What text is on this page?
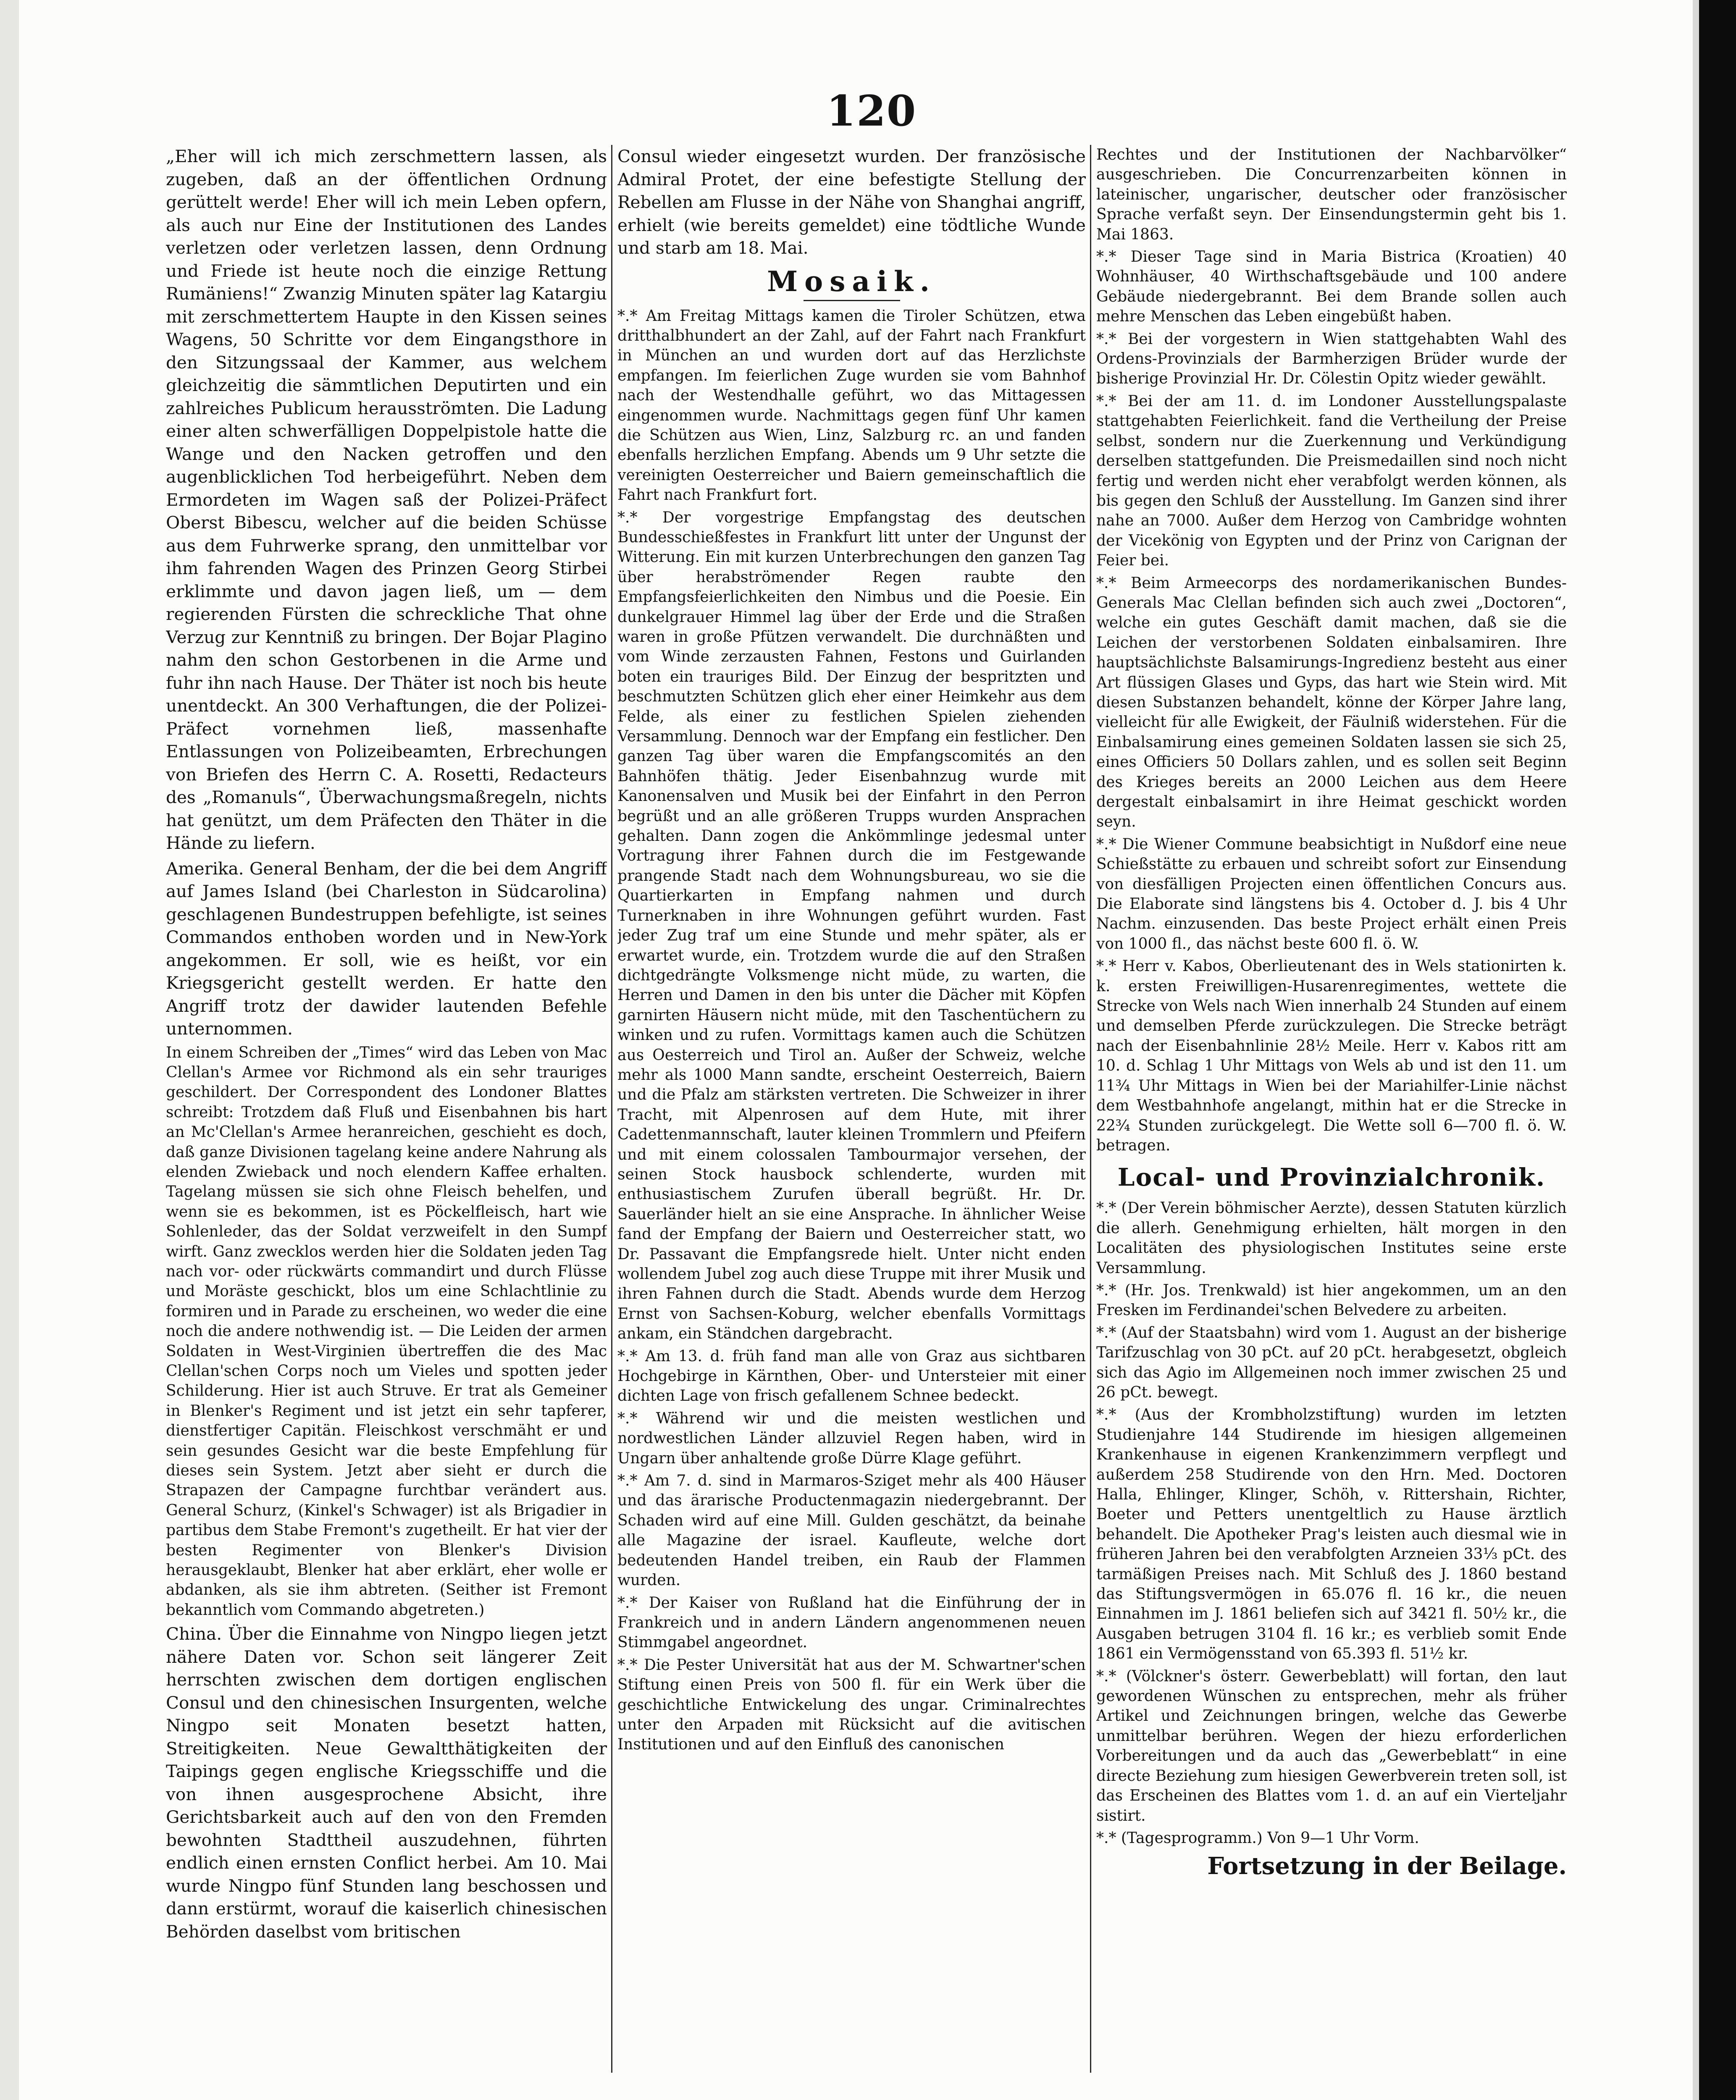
120

„Eher will ich mich zerschmettern lassen, als zugeben, daß an der öffentlichen Ordnung gerüttelt werde! Eher will ich mein Leben opfern, als auch nur Eine der Institutionen des Landes verletzen oder verletzen lassen, denn Ordnung und Friede ist heute noch die einzige Rettung Rumäniens!“ Zwanzig Minuten später lag Katargiu mit zerschmettertem Haupte in den Kissen seines Wagens, 50 Schritte vor dem Eingangsthore in den Sitzungssaal der Kammer, aus welchem gleichzeitig die sämmtlichen Deputirten und ein zahlreiches Publicum herausströmten. Die Ladung einer alten schwerfälligen Doppelpistole hatte die Wange und den Nacken getroffen und den augenblicklichen Tod herbeigeführt. Neben dem Ermordeten im Wagen saß der Polizei-Präfect Oberst Bibescu, welcher auf die beiden Schüsse aus dem Fuhrwerke sprang, den unmittelbar vor ihm fahrenden Wagen des Prinzen Georg Stirbei erklimmte und davon jagen ließ, um — dem regierenden Fürsten die schreckliche That ohne Verzug zur Kenntniß zu bringen. Der Bojar Plagino nahm den schon Gestorbenen in die Arme und fuhr ihn nach Hause. Der Thäter ist noch bis heute unentdeckt. An 300 Verhaftungen, die der Polizei-Präfect vornehmen ließ, massenhafte Entlassungen von Polizeibeamten, Erbrechungen von Briefen des Herrn C. A. Rosetti, Redacteurs des „Romanuls“, Überwachungsmaßregeln, nichts hat genützt, um dem Präfecten den Thäter in die Hände zu liefern.

Amerika. General Benham, der die bei dem Angriff auf James Island (bei Charleston in Südcarolina) geschlagenen Bundestruppen befehligte, ist seines Commandos enthoben worden und in New-York angekommen. Er soll, wie es heißt, vor ein Kriegsgericht gestellt werden. Er hatte den Angriff trotz der dawider lautenden Befehle unternommen.

In einem Schreiben der „Times“ wird das Leben von Mac Clellan's Armee vor Richmond als ein sehr trauriges geschildert. Der Correspondent des Londoner Blattes schreibt: Trotzdem daß Fluß und Eisenbahnen bis hart an Mc'Clellan's Armee heranreichen, geschieht es doch, daß ganze Divisionen tagelang keine andere Nahrung als elenden Zwieback und noch elendern Kaffee erhalten. Tagelang müssen sie sich ohne Fleisch behelfen, und wenn sie es bekommen, ist es Pöckelfleisch, hart wie Sohlenleder, das der Soldat verzweifelt in den Sumpf wirft. Ganz zwecklos werden hier die Soldaten jeden Tag nach vor- oder rückwärts commandirt und durch Flüsse und Moräste geschickt, blos um eine Schlachtlinie zu formiren und in Parade zu erscheinen, wo weder die eine noch die andere nothwendig ist. — Die Leiden der armen Soldaten in West-Virginien übertreffen die des Mac Clellan'schen Corps noch um Vieles und spotten jeder Schilderung. Hier ist auch Struve. Er trat als Gemeiner in Blenker's Regiment und ist jetzt ein sehr tapferer, dienstfertiger Capitän. Fleischkost verschmäht er und sein gesundes Gesicht war die beste Empfehlung für dieses sein System. Jetzt aber sieht er durch die Strapazen der Campagne furchtbar verändert aus. General Schurz, (Kinkel's Schwager) ist als Brigadier in partibus dem Stabe Fremont's zugetheilt. Er hat vier der besten Regimenter von Blenker's Division herausgeklaubt, Blenker hat aber erklärt, eher wolle er abdanken, als sie ihm abtreten. (Seither ist Fremont bekanntlich vom Commando abgetreten.)

China. Über die Einnahme von Ningpo liegen jetzt nähere Daten vor. Schon seit längerer Zeit herrschten zwischen dem dortigen englischen Consul und den chinesischen Insurgenten, welche Ningpo seit Monaten besetzt hatten, Streitigkeiten. Neue Gewaltthätigkeiten der Taipings gegen englische Kriegsschiffe und die von ihnen ausgesprochene Absicht, ihre Gerichtsbarkeit auch auf den von den Fremden bewohnten Stadttheil auszudehnen, führten endlich einen ernsten Conflict herbei. Am 10. Mai wurde Ningpo fünf Stunden lang beschossen und dann erstürmt, worauf die kaiserlich chinesischen Behörden daselbst vom britischen

Consul wieder eingesetzt wurden. Der französische Admiral Protet, der eine befestigte Stellung der Rebellen am Flusse in der Nähe von Shanghai angriff, erhielt (wie bereits gemeldet) eine tödtliche Wunde und starb am 18. Mai.

Mosaik.

*.* Am Freitag Mittags kamen die Tiroler Schützen, etwa dritthalbhundert an der Zahl, auf der Fahrt nach Frankfurt in München an und wurden dort auf das Herzlichste empfangen. Im feierlichen Zuge wurden sie vom Bahnhof nach der Westendhalle geführt, wo das Mittagessen eingenommen wurde. Nachmittags gegen fünf Uhr kamen die Schützen aus Wien, Linz, Salzburg rc. an und fanden ebenfalls herzlichen Empfang. Abends um 9 Uhr setzte die vereinigten Oesterreicher und Baiern gemeinschaftlich die Fahrt nach Frankfurt fort.

*.* Der vorgestrige Empfangstag des deutschen Bundesschießfestes in Frankfurt litt unter der Ungunst der Witterung. Ein mit kurzen Unterbrechungen den ganzen Tag über herabströmender Regen raubte den Empfangsfeierlichkeiten den Nimbus und die Poesie. Ein dunkelgrauer Himmel lag über der Erde und die Straßen waren in große Pfützen verwandelt. Die durchnäßten und vom Winde zerzausten Fahnen, Festons und Guirlanden boten ein trauriges Bild. Der Einzug der bespritzten und beschmutzten Schützen glich eher einer Heimkehr aus dem Felde, als einer zu festlichen Spielen ziehenden Versammlung. Dennoch war der Empfang ein festlicher. Den ganzen Tag über waren die Empfangscomités an den Bahnhöfen thätig. Jeder Eisenbahnzug wurde mit Kanonensalven und Musik bei der Einfahrt in den Perron begrüßt und an alle größeren Trupps wurden Ansprachen gehalten. Dann zogen die Ankömmlinge jedesmal unter Vortragung ihrer Fahnen durch die im Festgewande prangende Stadt nach dem Wohnungsbureau, wo sie die Quartierkarten in Empfang nahmen und durch Turnerknaben in ihre Wohnungen geführt wurden. Fast jeder Zug traf um eine Stunde und mehr später, als er erwartet wurde, ein. Trotzdem wurde die auf den Straßen dichtgedrängte Volksmenge nicht müde, zu warten, die Herren und Damen in den bis unter die Dächer mit Köpfen garnirten Häusern nicht müde, mit den Taschentüchern zu winken und zu rufen. Vormittags kamen auch die Schützen aus Oesterreich und Tirol an. Außer der Schweiz, welche mehr als 1000 Mann sandte, erscheint Oesterreich, Baiern und die Pfalz am stärksten vertreten. Die Schweizer in ihrer Tracht, mit Alpenrosen auf dem Hute, mit ihrer Cadettenmannschaft, lauter kleinen Trommlern und Pfeifern und mit einem colossalen Tambourmajor versehen, der seinen Stock hausbock schlenderte, wurden mit enthusiastischem Zurufen überall begrüßt. Hr. Dr. Sauerländer hielt an sie eine Ansprache. In ähnlicher Weise fand der Empfang der Baiern und Oesterreicher statt, wo Dr. Passavant die Empfangsrede hielt. Unter nicht enden wollendem Jubel zog auch diese Truppe mit ihrer Musik und ihren Fahnen durch die Stadt. Abends wurde dem Herzog Ernst von Sachsen-Koburg, welcher ebenfalls Vormittags ankam, ein Ständchen dargebracht.

*.* Am 13. d. früh fand man alle von Graz aus sichtbaren Hochgebirge in Kärnthen, Ober- und Untersteier mit einer dichten Lage von frisch gefallenem Schnee bedeckt.

*.* Während wir und die meisten westlichen und nordwestlichen Länder allzuviel Regen haben, wird in Ungarn über anhaltende große Dürre Klage geführt.

*.* Am 7. d. sind in Marmaros-Sziget mehr als 400 Häuser und das ärarische Productenmagazin niedergebrannt. Der Schaden wird auf eine Mill. Gulden geschätzt, da beinahe alle Magazine der israel. Kaufleute, welche dort bedeutenden Handel treiben, ein Raub der Flammen wurden.

*.* Der Kaiser von Rußland hat die Einführung der in Frankreich und in andern Ländern angenommenen neuen Stimmgabel angeordnet.

*.* Die Pester Universität hat aus der M. Schwartner'schen Stiftung einen Preis von 500 fl. für ein Werk über die geschichtliche Entwickelung des ungar. Criminalrechtes unter den Arpaden mit Rücksicht auf die avitischen Institutionen und auf den Einfluß des canonischen

Rechtes und der Institutionen der Nachbarvölker“ ausgeschrieben. Die Concurrenzarbeiten können in lateinischer, ungarischer, deutscher oder französischer Sprache verfaßt seyn. Der Einsendungstermin geht bis 1. Mai 1863.

*.* Dieser Tage sind in Maria Bistrica (Kroatien) 40 Wohnhäuser, 40 Wirthschaftsgebäude und 100 andere Gebäude niedergebrannt. Bei dem Brande sollen auch mehre Menschen das Leben eingebüßt haben.

*.* Bei der vorgestern in Wien stattgehabten Wahl des Ordens-Provinzials der Barmherzigen Brüder wurde der bisherige Provinzial Hr. Dr. Cölestin Opitz wieder gewählt.

*.* Bei der am 11. d. im Londoner Ausstellungspalaste stattgehabten Feierlichkeit. fand die Vertheilung der Preise selbst, sondern nur die Zuerkennung und Verkündigung derselben stattgefunden. Die Preismedaillen sind noch nicht fertig und werden nicht eher verabfolgt werden können, als bis gegen den Schluß der Ausstellung. Im Ganzen sind ihrer nahe an 7000. Außer dem Herzog von Cambridge wohnten der Vicekönig von Egypten und der Prinz von Carignan der Feier bei.

*.* Beim Armeecorps des nordamerikanischen Bundes-Generals Mac Clellan befinden sich auch zwei „Doctoren“, welche ein gutes Geschäft damit machen, daß sie die Leichen der verstorbenen Soldaten einbalsamiren. Ihre hauptsächlichste Balsamirungs-Ingredienz besteht aus einer Art flüssigen Glases und Gyps, das hart wie Stein wird. Mit diesen Substanzen behandelt, könne der Körper Jahre lang, vielleicht für alle Ewigkeit, der Fäulniß widerstehen. Für die Einbalsamirung eines gemeinen Soldaten lassen sie sich 25, eines Officiers 50 Dollars zahlen, und es sollen seit Beginn des Krieges bereits an 2000 Leichen aus dem Heere dergestalt einbalsamirt in ihre Heimat geschickt worden seyn.

*.* Die Wiener Commune beabsichtigt in Nußdorf eine neue Schießstätte zu erbauen und schreibt sofort zur Einsendung von diesfälligen Projecten einen öffentlichen Concurs aus. Die Elaborate sind längstens bis 4. October d. J. bis 4 Uhr Nachm. einzusenden. Das beste Project erhält einen Preis von 1000 fl., das nächst beste 600 fl. ö. W.

*.* Herr v. Kabos, Oberlieutenant des in Wels stationirten k. k. ersten Freiwilligen-Husarenregimentes, wettete die Strecke von Wels nach Wien innerhalb 24 Stunden auf einem und demselben Pferde zurückzulegen. Die Strecke beträgt nach der Eisenbahnlinie 28½ Meile. Herr v. Kabos ritt am 10. d. Schlag 1 Uhr Mittags von Wels ab und ist den 11. um 11¾ Uhr Mittags in Wien bei der Mariahilfer-Linie nächst dem Westbahnhofe angelangt, mithin hat er die Strecke in 22¾ Stunden zurückgelegt. Die Wette soll 6—700 fl. ö. W. betragen.

Local- und Provinzialchronik.

*.* (Der Verein böhmischer Aerzte), dessen Statuten kürzlich die allerh. Genehmigung erhielten, hält morgen in den Localitäten des physiologischen Institutes seine erste Versammlung.

*.* (Hr. Jos. Trenkwald) ist hier angekommen, um an den Fresken im Ferdinandei'schen Belvedere zu arbeiten.

*.* (Auf der Staatsbahn) wird vom 1. August an der bisherige Tarifzuschlag von 30 pCt. auf 20 pCt. herabgesetzt, obgleich sich das Agio im Allgemeinen noch immer zwischen 25 und 26 pCt. bewegt.

*.* (Aus der Krombholzstiftung) wurden im letzten Studienjahre 144 Studirende im hiesigen allgemeinen Krankenhause in eigenen Krankenzimmern verpflegt und außerdem 258 Studirende von den Hrn. Med. Doctoren Halla, Ehlinger, Klinger, Schöh, v. Rittershain, Richter, Boeter und Petters unentgeltlich zu Hause ärztlich behandelt. Die Apotheker Prag's leisten auch diesmal wie in früheren Jahren bei den verabfolgten Arzneien 33⅓ pCt. des tarmäßigen Preises nach. Mit Schluß des J. 1860 bestand das Stiftungsvermögen in 65.076 fl. 16 kr., die neuen Einnahmen im J. 1861 beliefen sich auf 3421 fl. 50½ kr., die Ausgaben betrugen 3104 fl. 16 kr.; es verblieb somit Ende 1861 ein Vermögensstand von 65.393 fl. 51½ kr.

*.* (Völckner's österr. Gewerbeblatt) will fortan, den laut gewordenen Wünschen zu entsprechen, mehr als früher Artikel und Zeichnungen bringen, welche das Gewerbe unmittelbar berühren. Wegen der hiezu erforderlichen Vorbereitungen und da auch das „Gewerbeblatt“ in eine directe Beziehung zum hiesigen Gewerbverein treten soll, ist das Erscheinen des Blattes vom 1. d. an auf ein Vierteljahr sistirt.

*.* (Tagesprogramm.) Von 9—1 Uhr Vorm.

Fortsetzung in der Beilage.
